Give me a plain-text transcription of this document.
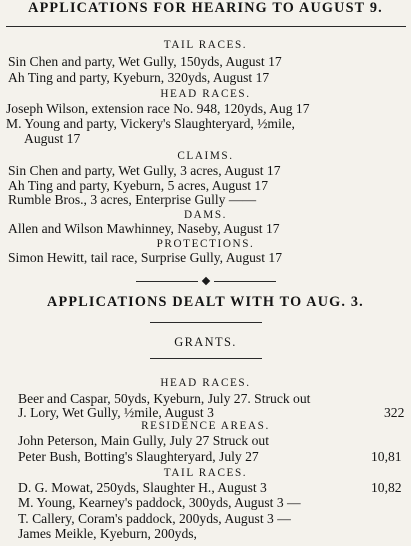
APPLICATIONS FOR HEARING TO AUGUST 9.
TAIL RACES.
Sin Chen and party, Wet Gully, 150yds, August 17
Ah Ting and party, Kyeburn, 320yds, August 17
HEAD RACES.
Joseph Wilson, extension race No. 948, 120yds, Aug 17
M. Young and party, Vickery's Slaughteryard, ½mile,
August 17
CLAIMS.
Sin Chen and party, Wet Gully, 3 acres, August 17
Ah Ting and party, Kyeburn, 5 acres, August 17
Rumble Bros., 3 acres, Enterprise Gully ——
DAMS.
Allen and Wilson Mawhinney, Naseby, August 17
PROTECTIONS.
Simon Hewitt, tail race, Surprise Gully, August 17
APPLICATIONS DEALT WITH TO AUG. 3.
GRANTS.
HEAD RACES.
Beer and Caspar, 50yds, Kyeburn, July 27. Struck out
J. Lory, Wet Gully, ½mile, August 3	322
RESIDENCE AREAS.
John Peterson, Main Gully, July 27 Struck out
Peter Bush, Botting's Slaughteryard, July 27	10,81
TAIL RACES.
D. G. Mowat, 250yds, Slaughter H., August 3	10,82
M. Young, Kearney's paddock, 300yds, August 3 —
T. Callery, Coram's paddock, 200yds, August 3 —
James Meikle, Kyeburn, 200yds,
